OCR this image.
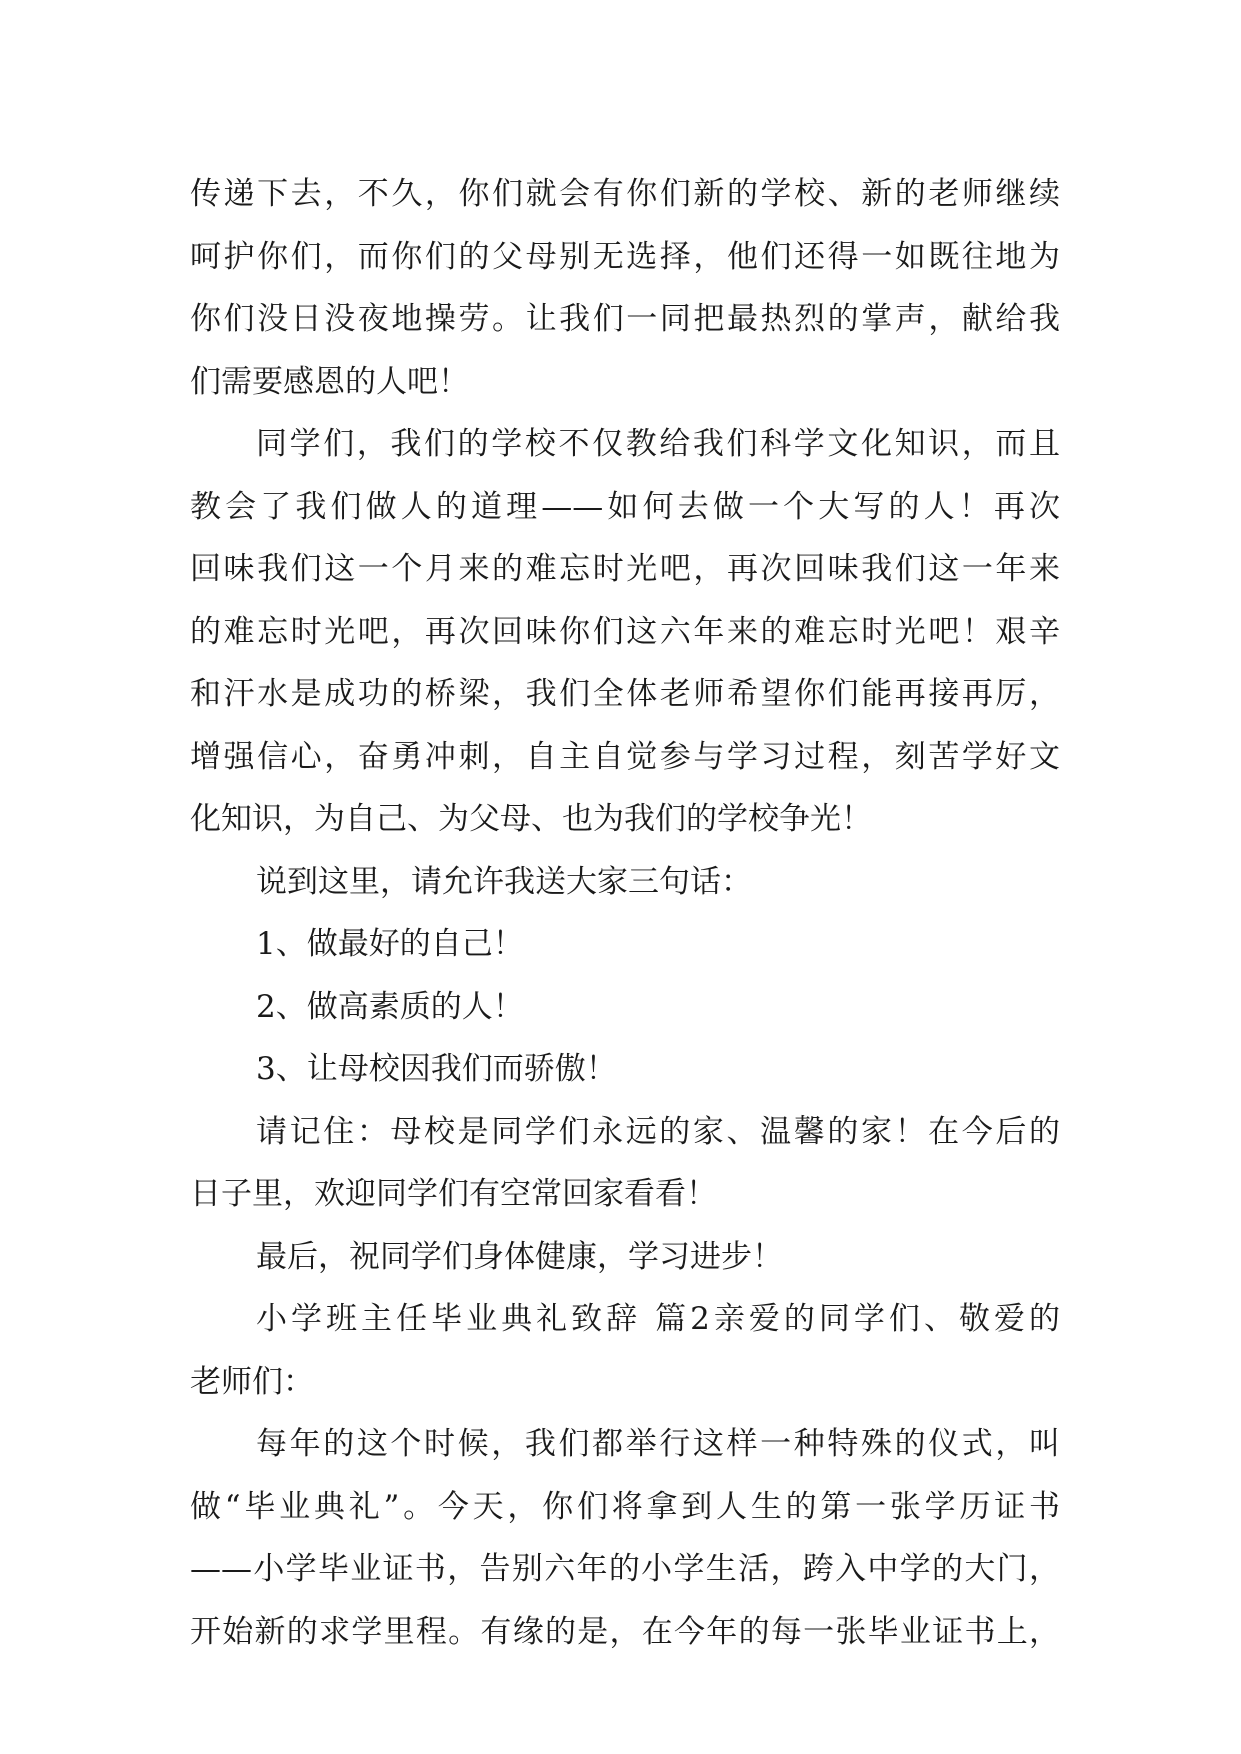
传递下去，不久，你们就会有你们新的学校、新的老师继续
呵护你们，而你们的父母别无选择，他们还得一如既往地为
你们没日没夜地操劳。让我们一同把最热烈的掌声，献给我
们需要感恩的人吧！
同学们，我们的学校不仅教给我们科学文化知识，而且
教会了我们做人的道理——如何去做一个大写的人！再次
回味我们这一个月来的难忘时光吧，再次回味我们这一年来
的难忘时光吧，再次回味你们这六年来的难忘时光吧！艰辛
和汗水是成功的桥梁，我们全体老师希望你们能再接再厉，
增强信心，奋勇冲刺，自主自觉参与学习过程，刻苦学好文
化知识，为自己、为父母、也为我们的学校争光！
说到这里，请允许我送大家三句话：
1、做最好的自己！
2、做高素质的人！
3、让母校因我们而骄傲！
请记住：母校是同学们永远的家、温馨的家！在今后的
日子里，欢迎同学们有空常回家看看！
最后，祝同学们身体健康，学习进步！
小学班主任毕业典礼致辞 篇2亲爱的同学们、敬爱的
老师们：
每年的这个时候，我们都举行这样一种特殊的仪式，叫
做“毕业典礼”。今天，你们将拿到人生的第一张学历证书
——小学毕业证书，告别六年的小学生活，跨入中学的大门，
开始新的求学里程。有缘的是，在今年的每一张毕业证书上，
